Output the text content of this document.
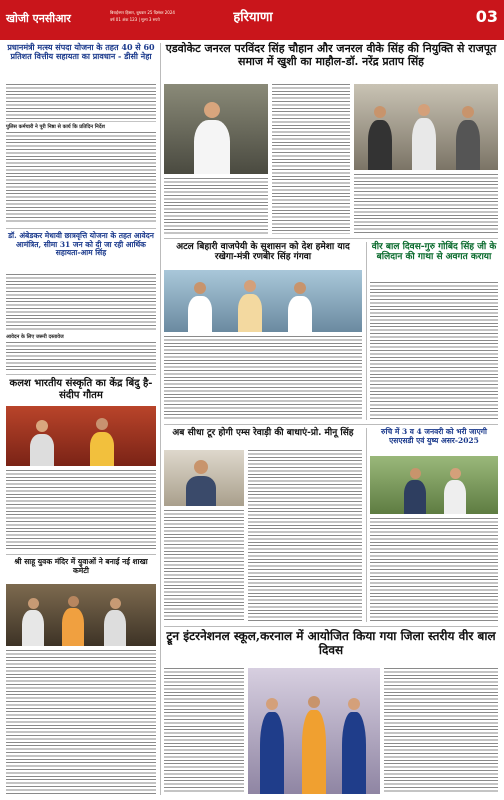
खोजी एनसीआर	बिराईनगर हिसार, बुधवार 25 दिसंबर 2024
वर्ष 01 अंक 123 | मूल्य 3 रुपये	हरियाणा	03
प्रधानमंत्री मत्स्य संपदा योजना के तहत 40 से 60 प्रतिशत वित्तीय सहायता का प्रावधान - डीसी नेहा
पुलिस कर्मचारी ने पूरी निष्ठा से कार्य कि प्रतिदिन निर्देश
डॉ. अंबेडकर मेधावी छात्रवृत्ति योजना के तहत आवेदन आमंत्रित, सीमा 31 जन को दी जा रही आर्थिक सहायता-आम सिंह
आवेदन के लिए जरूरी दस्तावेज
कलश भारतीय संस्कृति का केंद्र बिंदु है- संदीप गौतम
श्री साहू युवक मंदिर में युवाओं ने बनाई नई शाखा कमेटी
एडवोकेट जनरल परविंदर सिंह चौहान और जनरल वीके सिंह की नियुक्ति से राजपूत समाज में खुशी का माहौल-डॉ. नरेंद्र प्रताप सिंह
अटल बिहारी वाजपेयी के सुशासन को देश हमेशा याद रखेगा-मंत्री रणबीर सिंह गंगवा
वीर बाल दिवस-गुरु गोबिंद सिंह जी के बलिदान की गाथा से अवगत कराया
अब सीधा टूर होगी एम्स रेवाड़ी की बाधाएं-प्रो. मीनू सिंह	रुचि में 3 व 4 जनवरी को भरी जाएगी एसएसडी एवं युष्य असर-2025
ट्रून इंटरनेशनल स्कूल,करनाल में आयोजित किया गया जिला स्तरीय वीर बाल दिवस
